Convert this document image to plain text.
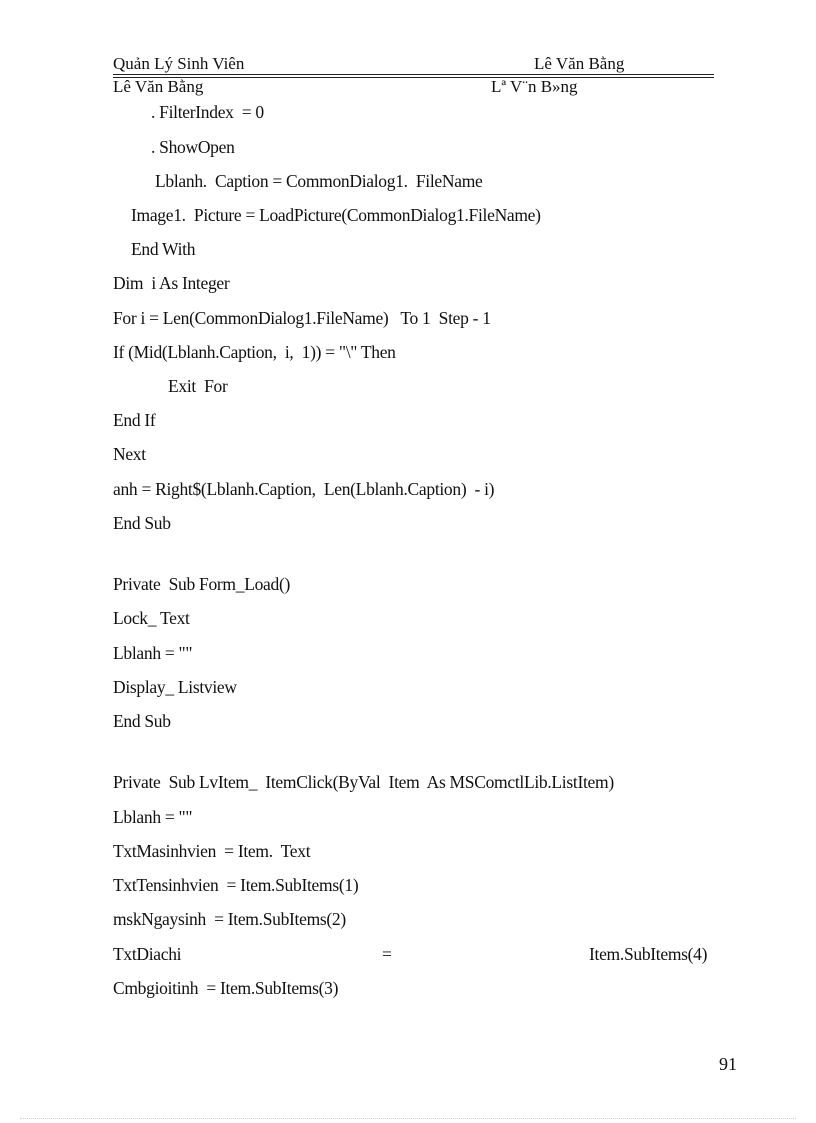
Quản Lý Sinh Viên	Lê Văn Bằng
Lê Văn Bằng	Lª V¨n B»ng
. FilterIndex  = 0
. ShowOpen
Lblanh.  Caption = CommonDialog1.  FileName
Image1.  Picture = LoadPicture(CommonDialog1.FileName)
End With
Dim  i As Integer
For i = Len(CommonDialog1.FileName)   To 1  Step - 1
If (Mid(Lblanh.Caption,  i,  1)) = "\" Then
Exit  For
End If
Next
anh = Right$(Lblanh.Caption,  Len(Lblanh.Caption)  - i)
End Sub
Private  Sub Form_Load()
Lock_ Text
Lblanh = ""
Display_ Listview
End Sub
Private  Sub LvItem_  ItemClick(ByVal  Item  As MSComctlLib.ListItem)
Lblanh = ""
TxtMasinhvien  = Item.  Text
TxtTensinhvien  = Item.SubItems(1)
mskNgaysinh  = Item.SubItems(2)
TxtDiachi	=	Item.SubItems(4)
Cmbgioitinh  = Item.SubItems(3)
91
